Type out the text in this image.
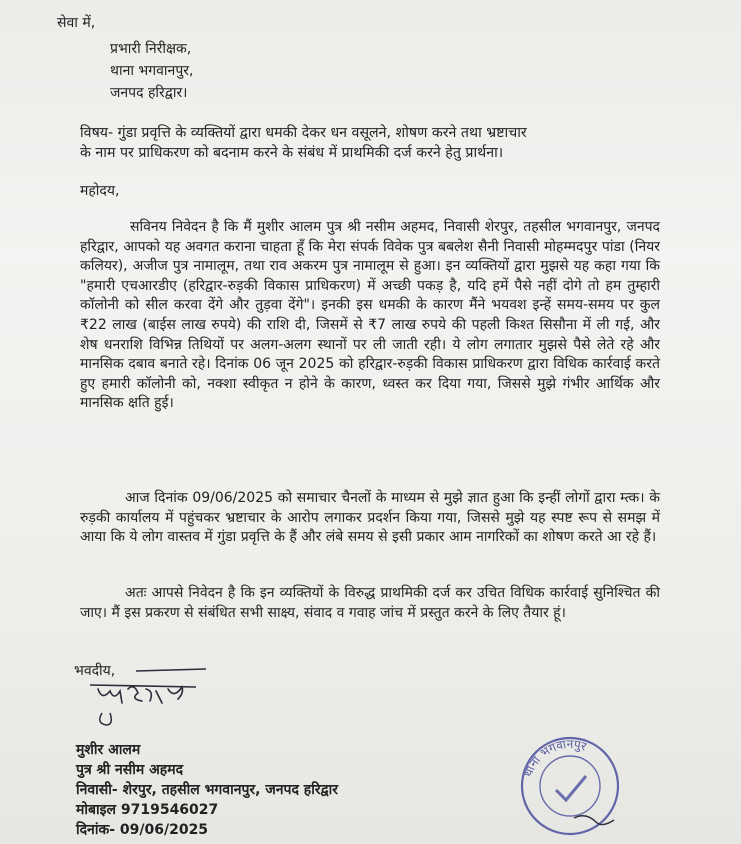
सेवा में,
प्रभारी निरीक्षक,
थाना भगवानपुर,
जनपद हरिद्वार।
विषय- गुंडा प्रवृत्ति के व्यक्तियों द्वारा धमकी देकर धन वसूलने, शोषण करने तथा भ्रष्टाचार
के नाम पर प्राधिकरण को बदनाम करने के संबंध में प्राथमिकी दर्ज करने हेतु प्रार्थना।
महोदय,
सविनय निवेदन है कि मैं मुशीर आलम पुत्र श्री नसीम अहमद, निवासी शेरपुर, तहसील भगवानपुर, जनपद हरिद्वार, आपको यह अवगत कराना चाहता हूँ कि मेरा संपर्क विवेक पुत्र बबलेश सैनी निवासी मोहम्मदपुर पांडा (नियर कलियर), अजीज पुत्र नामालूम, तथा राव अकरम पुत्र नामालूम से हुआ। इन व्यक्तियों द्वारा मुझसे यह कहा गया कि "हमारी एचआरडीए (हरिद्वार-रुड़की विकास प्राधिकरण) में अच्छी पकड़ है, यदि हमें पैसे नहीं दोगे तो हम तुम्हारी कॉलोनी को सील करवा देंगे और तुड़वा देंगे"। इनकी इस धमकी के कारण मैंने भयवश इन्हें समय-समय पर कुल ₹22 लाख (बाईस लाख रुपये) की राशि दी, जिसमें से ₹7 लाख रुपये की पहली किश्त सिसौना में ली गई, और शेष धनराशि विभिन्न तिथियों पर अलग-अलग स्थानों पर ली जाती रही। ये लोग लगातार मुझसे पैसे लेते रहे और मानसिक दबाव बनाते रहे। दिनांक 06 जून 2025 को हरिद्वार-रुड़की विकास प्राधिकरण द्वारा विधिक कार्रवाई करते हुए हमारी कॉलोनी को, नक्शा स्वीकृत न होने के कारण, ध्वस्त कर दिया गया, जिससे मुझे गंभीर आर्थिक और मानसिक क्षति हुई।
आज दिनांक 09/06/2025 को समाचार चैनलों के माध्यम से मुझे ज्ञात हुआ कि इन्हीं लोगों द्वारा म्त्क। के रुड़की कार्यालय में पहुंचकर भ्रष्टाचार के आरोप लगाकर प्रदर्शन किया गया, जिससे मुझे यह स्पष्ट रूप से समझ में आया कि ये लोग वास्तव में गुंडा प्रवृत्ति के हैं और लंबे समय से इसी प्रकार आम नागरिकों का शोषण करते आ रहे हैं।
अतः आपसे निवेदन है कि इन व्यक्तियों के विरुद्ध प्राथमिकी दर्ज कर उचित विधिक कार्रवाई सुनिश्चित की जाए। मैं इस प्रकरण से संबंधित सभी साक्ष्य, संवाद व गवाह जांच में प्रस्तुत करने के लिए तैयार हूं।
भवदीय,
मुशीर आलम
पुत्र श्री नसीम अहमद
निवासी- शेरपुर, तहसील भगवानपुर, जनपद हरिद्वार
मोबाइल 9719546027
दिनांक- 09/06/2025
थाना भगवानपुर
